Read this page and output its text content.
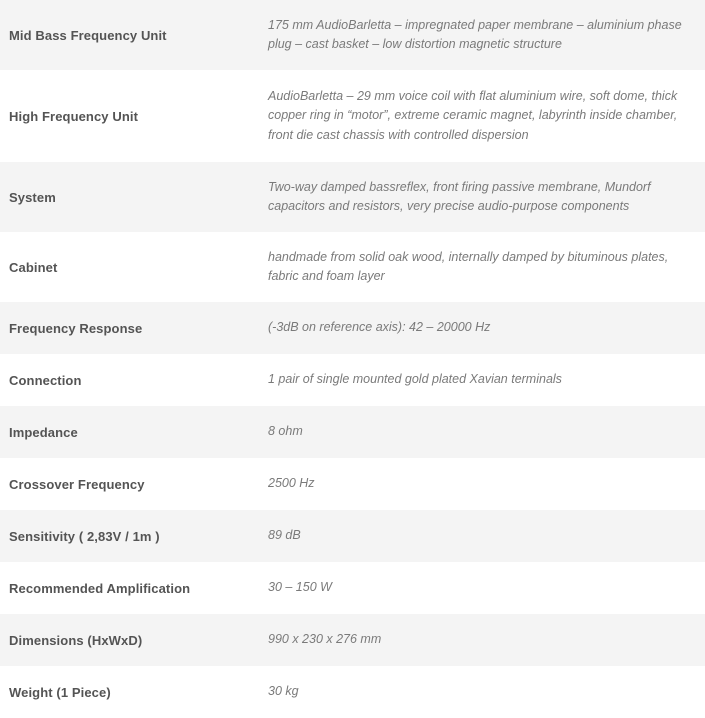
Mid Bass Frequency Unit	175 mm AudioBarletta – impregnated paper membrane – aluminium phase plug – cast basket – low distortion magnetic structure
High Frequency Unit	AudioBarletta – 29 mm voice coil with flat aluminium wire, soft dome, thick copper ring in “motor”, extreme ceramic magnet, labyrinth inside chamber, front die cast chassis with controlled dispersion
System	Two-way damped bassreflex, front firing passive membrane, Mundorf capacitors and resistors, very precise audio-purpose components
Cabinet	handmade from solid oak wood, internally damped by bituminous plates, fabric and foam layer
Frequency Response	(-3dB on reference axis): 42 – 20000 Hz
Connection	1 pair of single mounted gold plated Xavian terminals
Impedance	8 ohm
Crossover Frequency	2500 Hz
Sensitivity ( 2,83V / 1m )	89 dB
Recommended Amplification	30 – 150 W
Dimensions (HxWxD)	990 x 230 x 276 mm
Weight (1 Piece)	30 kg
